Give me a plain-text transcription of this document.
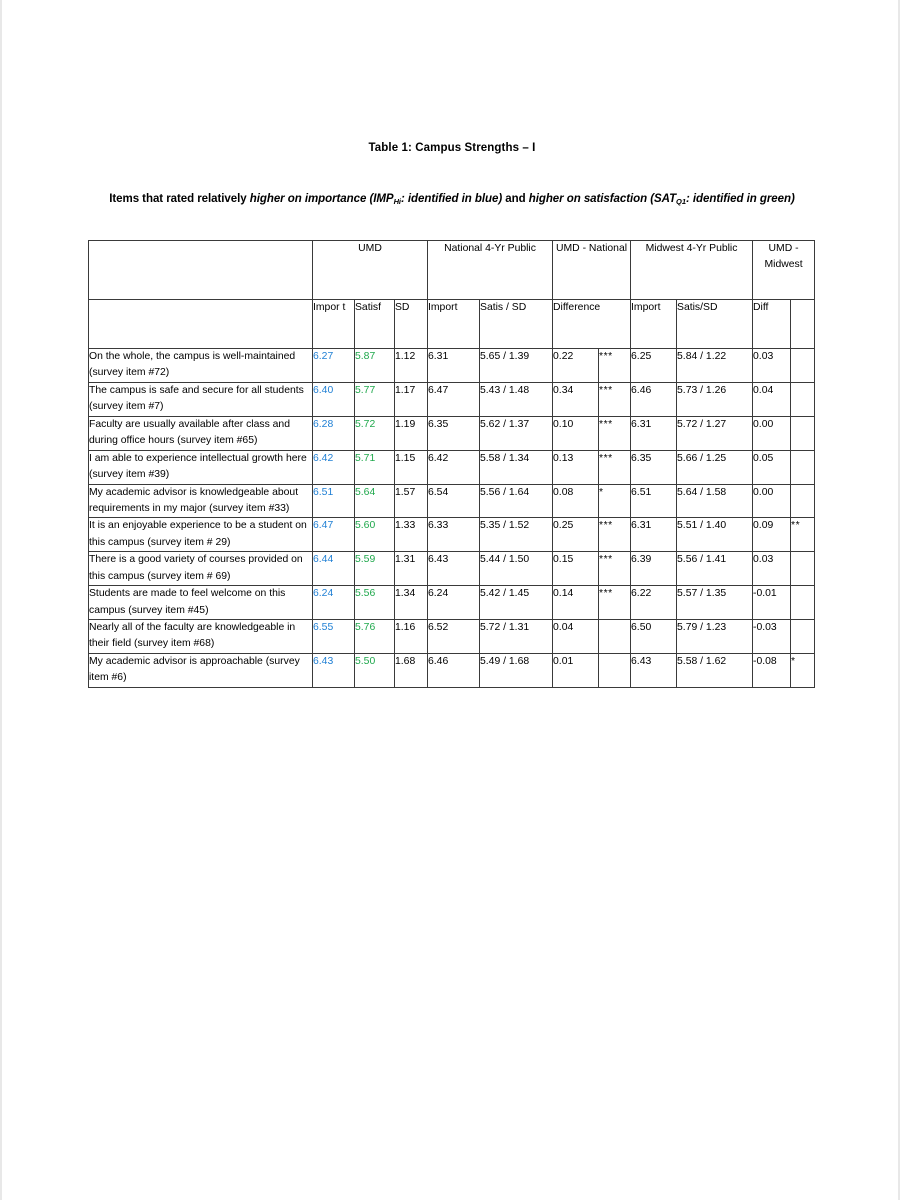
Table 1: Campus Strengths – I
Items that rated relatively higher on importance ($IMP_{Hi}$: identified in blue) and higher on satisfaction ($SAT_{Q1}$: identified in green)
	UMD			National 4-Yr Public		UMD - National		Midwest 4-Yr Public		UMD - Midwest	
	Impor t	Satisf	SD	Import	Satis / SD	Difference		Import	Satis/SD	Diff	
On the whole, the campus is well-maintained (survey item #72)	6.27	5.87	1.12	6.31	5.65 / 1.39	0.22	***	6.25	5.84 / 1.22	0.03	
The campus is safe and secure for all students (survey item #7)	6.40	5.77	1.17	6.47	5.43 / 1.48	0.34	***	6.46	5.73 / 1.26	0.04	
Faculty are usually available after class and during office hours (survey item #65)	6.28	5.72	1.19	6.35	5.62 / 1.37	0.10	***	6.31	5.72 / 1.27	0.00	
I am able to experience intellectual growth here (survey item #39)	6.42	5.71	1.15	6.42	5.58 / 1.34	0.13	***	6.35	5.66 / 1.25	0.05	
My academic advisor is knowledgeable about requirements in my major (survey item #33)	6.51	5.64	1.57	6.54	5.56 / 1.64	0.08	*	6.51	5.64 / 1.58	0.00	
It is an enjoyable experience to be a student on this campus (survey item # 29)	6.47	5.60	1.33	6.33	5.35 / 1.52	0.25	***	6.31	5.51 / 1.40	0.09	**
There is a good variety of courses provided on this campus (survey item # 69)	6.44	5.59	1.31	6.43	5.44 / 1.50	0.15	***	6.39	5.56 / 1.41	0.03	
Students are made to feel welcome on this campus (survey item #45)	6.24	5.56	1.34	6.24	5.42 / 1.45	0.14	***	6.22	5.57 / 1.35	-0.01	
Nearly all of the faculty are knowledgeable in their field (survey item #68)	6.55	5.76	1.16	6.52	5.72 / 1.31	0.04		6.50	5.79 / 1.23	-0.03	
My academic advisor is approachable (survey item #6)	6.43	5.50	1.68	6.46	5.49 / 1.68	0.01		6.43	5.58 / 1.62	-0.08	*
